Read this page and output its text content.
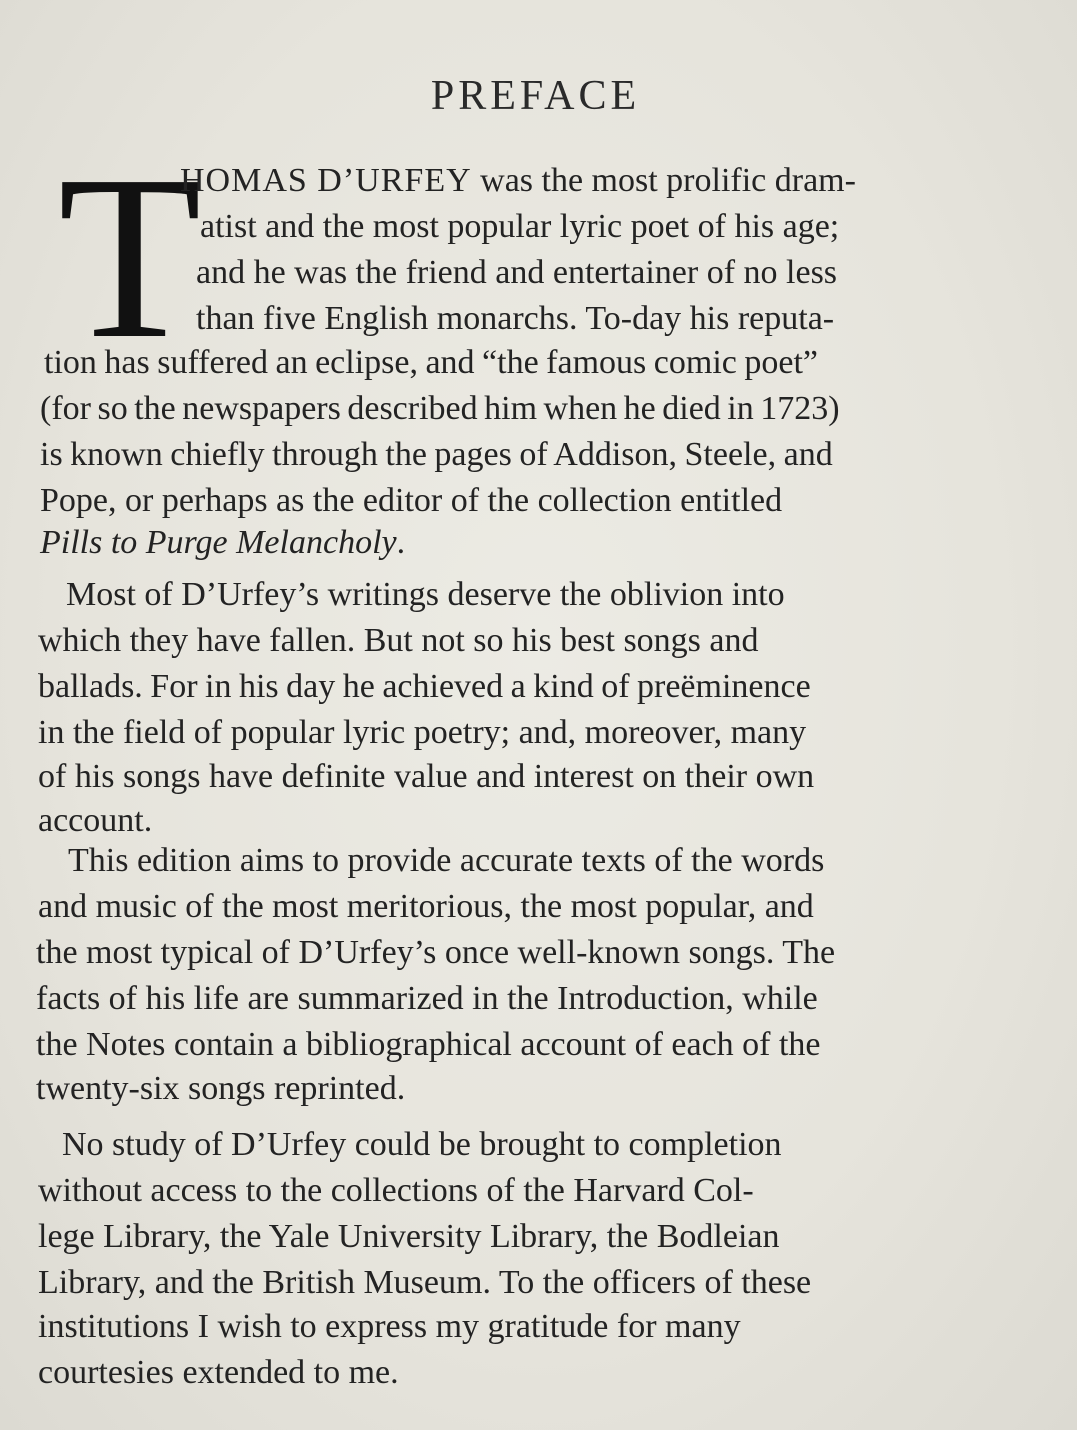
PREFACE
T
HOMAS D’URFEY was the most prolific dram-
atist and the most popular lyric poet of his age;
and he was the friend and entertainer of no less
than five English monarchs. To-day his reputa-
tion has suffered an eclipse, and “the famous comic poet”
(for so the newspapers described him when he died in 1723)
is known chiefly through the pages of Addison, Steele, and
Pope, or perhaps as the editor of the collection entitled
Pills to Purge Melancholy.
Most of D’Urfey’s writings deserve the oblivion into
which they have fallen. But not so his best songs and
ballads. For in his day he achieved a kind of preëminence
in the field of popular lyric poetry; and, moreover, many
of his songs have definite value and interest on their own
account.
This edition aims to provide accurate texts of the words
and music of the most meritorious, the most popular, and
the most typical of D’Urfey’s once well-known songs. The
facts of his life are summarized in the Introduction, while
the Notes contain a bibliographical account of each of the
twenty-six songs reprinted.
No study of D’Urfey could be brought to completion
without access to the collections of the Harvard Col-
lege Library, the Yale University Library, the Bodleian
Library, and the British Museum. To the officers of these
institutions I wish to express my gratitude for many
courtesies extended to me.
